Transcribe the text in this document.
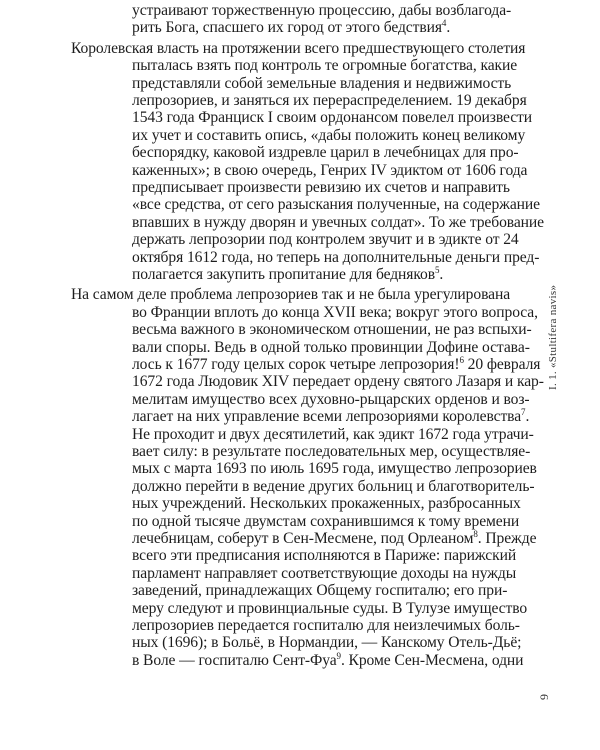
устраивают торжественную процессию, дабы возблагода-
рить Бога, спасшего их город от этого бедствия$^4$.
Королевская власть на протяжении всего предшествующего столетия
пыталась взять под контроль те огромные богатства, какие
представляли собой земельные владения и недвижимость
лепрозориев, и заняться их перераспределением. 19 декабря
1543 года Франциск I своим ордонансом повелел произвести
их учет и составить опись, «дабы положить конец великому
беспорядку, каковой издревле царил в лечебницах для про-
каженных»; в свою очередь, Генрих IV эдиктом от 1606 года
предписывает произвести ревизию их счетов и направить
«все средства, от сего разыскания полученные, на содержание
впавших в нужду дворян и увечных солдат». То же требование
держать лепрозории под контролем звучит и в эдикте от 24
октября 1612 года, но теперь на дополнительные деньги пред-
полагается закупить пропитание для бедняков$^5$.
На самом деле проблема лепрозориев так и не была урегулирована
во Франции вплоть до конца XVII века; вокруг этого вопроса,
весьма важного в экономическом отношении, не раз вспыхи-
вали споры. Ведь в одной только провинции Дофине оставa-
лось к 1677 году целых сорок четыре лепрозория!$^6$ 20 февраля
1672 года Людовик XIV передает ордену святого Лазаря и кар-
мелитам имущество всех духовно-рыцарских орденов и воз-
лагает на них управление всеми лепрозориями королевства$^7$.
Не проходит и двух десятилетий, как эдикт 1672 года утрачи-
вает силу: в результате последовательных мер, осуществляе-
мых с марта 1693 по июль 1695 года, имущество лепрозориев
должно перейти в ведение других больниц и благотворитель-
ных учреждений. Нескольких прокаженных, разбросанных
по одной тысяче двумстам сохранившимся к тому времени
лечебницам, соберут в Сен-Месмене, под Орлеаном$^8$. Прежде
всего эти предписания исполняются в Париже: парижский
парламент направляет соответствующие доходы на нужды
заведений, принадлежащих Общему госпиталю; его при-
меру следуют и провинциальные суды. В Тулузе имущество
лепрозориев передается госпиталю для неизлечимых боль-
ных (1696); в Больё, в Нормандии, — Канскому Отель-Дьё;
в Воле — госпиталю Сент-Фуа$^9$. Кроме Сен-Месмена, одни
I. 1. «Stultifera navis»
9
